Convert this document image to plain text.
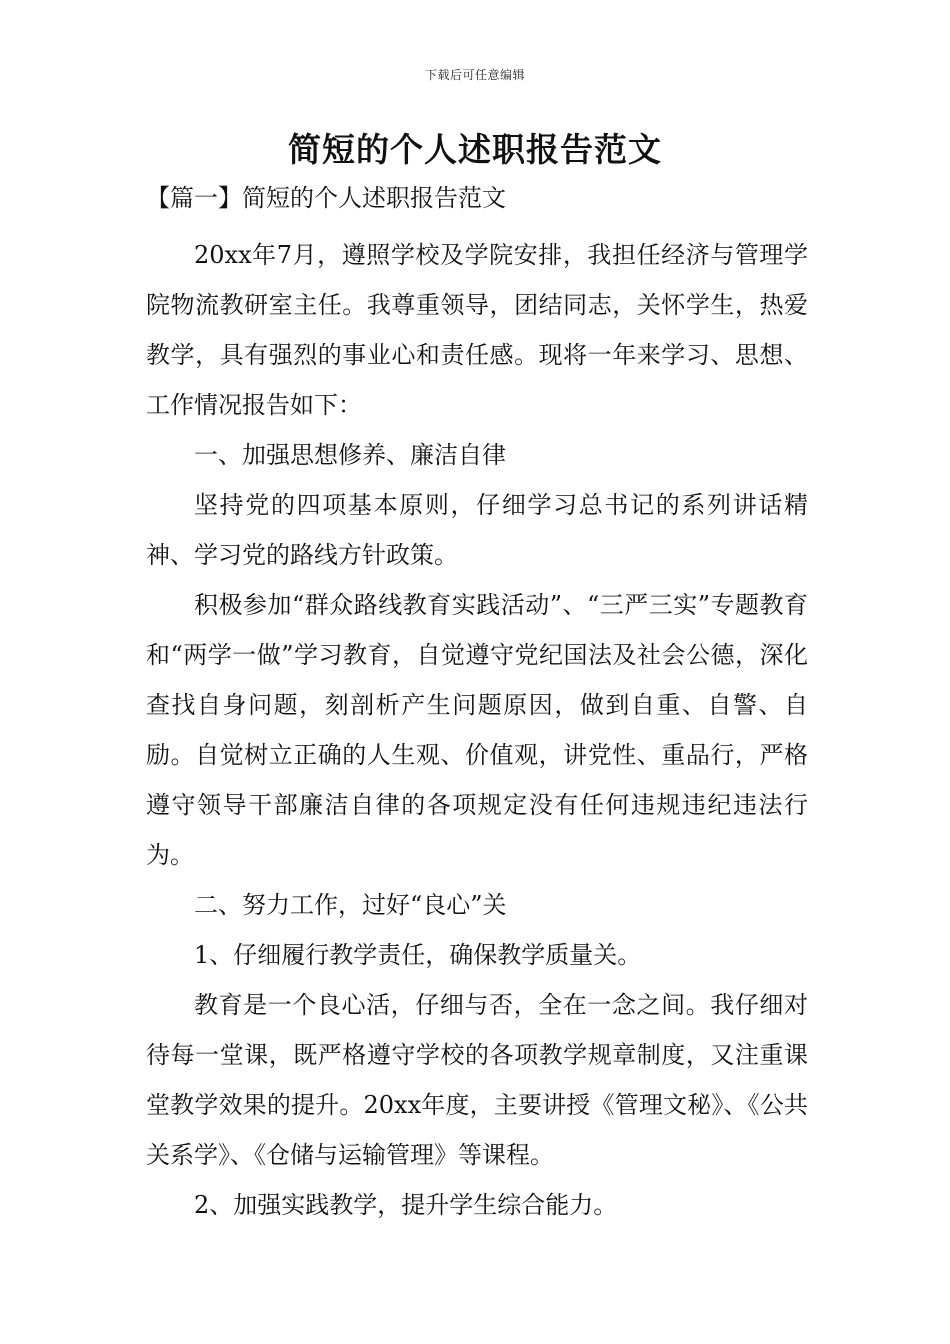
下载后可任意编辑
简短的个人述职报告范文
【篇一】简短的个人述职报告范文

20xx年7月，遵照学校及学院安排，我担任经济与管理学院物流教研室主任。我尊重领导，团结同志，关怀学生，热爱教学，具有强烈的事业心和责任感。现将一年来学习、思想、工作情况报告如下：

一、加强思想修养、廉洁自律

坚持党的四项基本原则，仔细学习总书记的系列讲话精神、学习党的路线方针政策。

积极参加“群众路线教育实践活动”、“三严三实”专题教育和“两学一做”学习教育，自觉遵守党纪国法及社会公德，深化查找自身问题，刻剖析产生问题原因，做到自重、自警、自励。自觉树立正确的人生观、价值观，讲党性、重品行，严格遵守领导干部廉洁自律的各项规定没有任何违规违纪违法行为。

二、努力工作，过好“良心”关

1、仔细履行教学责任，确保教学质量关。

教育是一个良心活，仔细与否，全在一念之间。我仔细对待每一堂课，既严格遵守学校的各项教学规章制度，又注重课堂教学效果的提升。20xx年度，主要讲授《管理文秘》、《公共关系学》、《仓储与运输管理》等课程。

2、加强实践教学，提升学生综合能力。
